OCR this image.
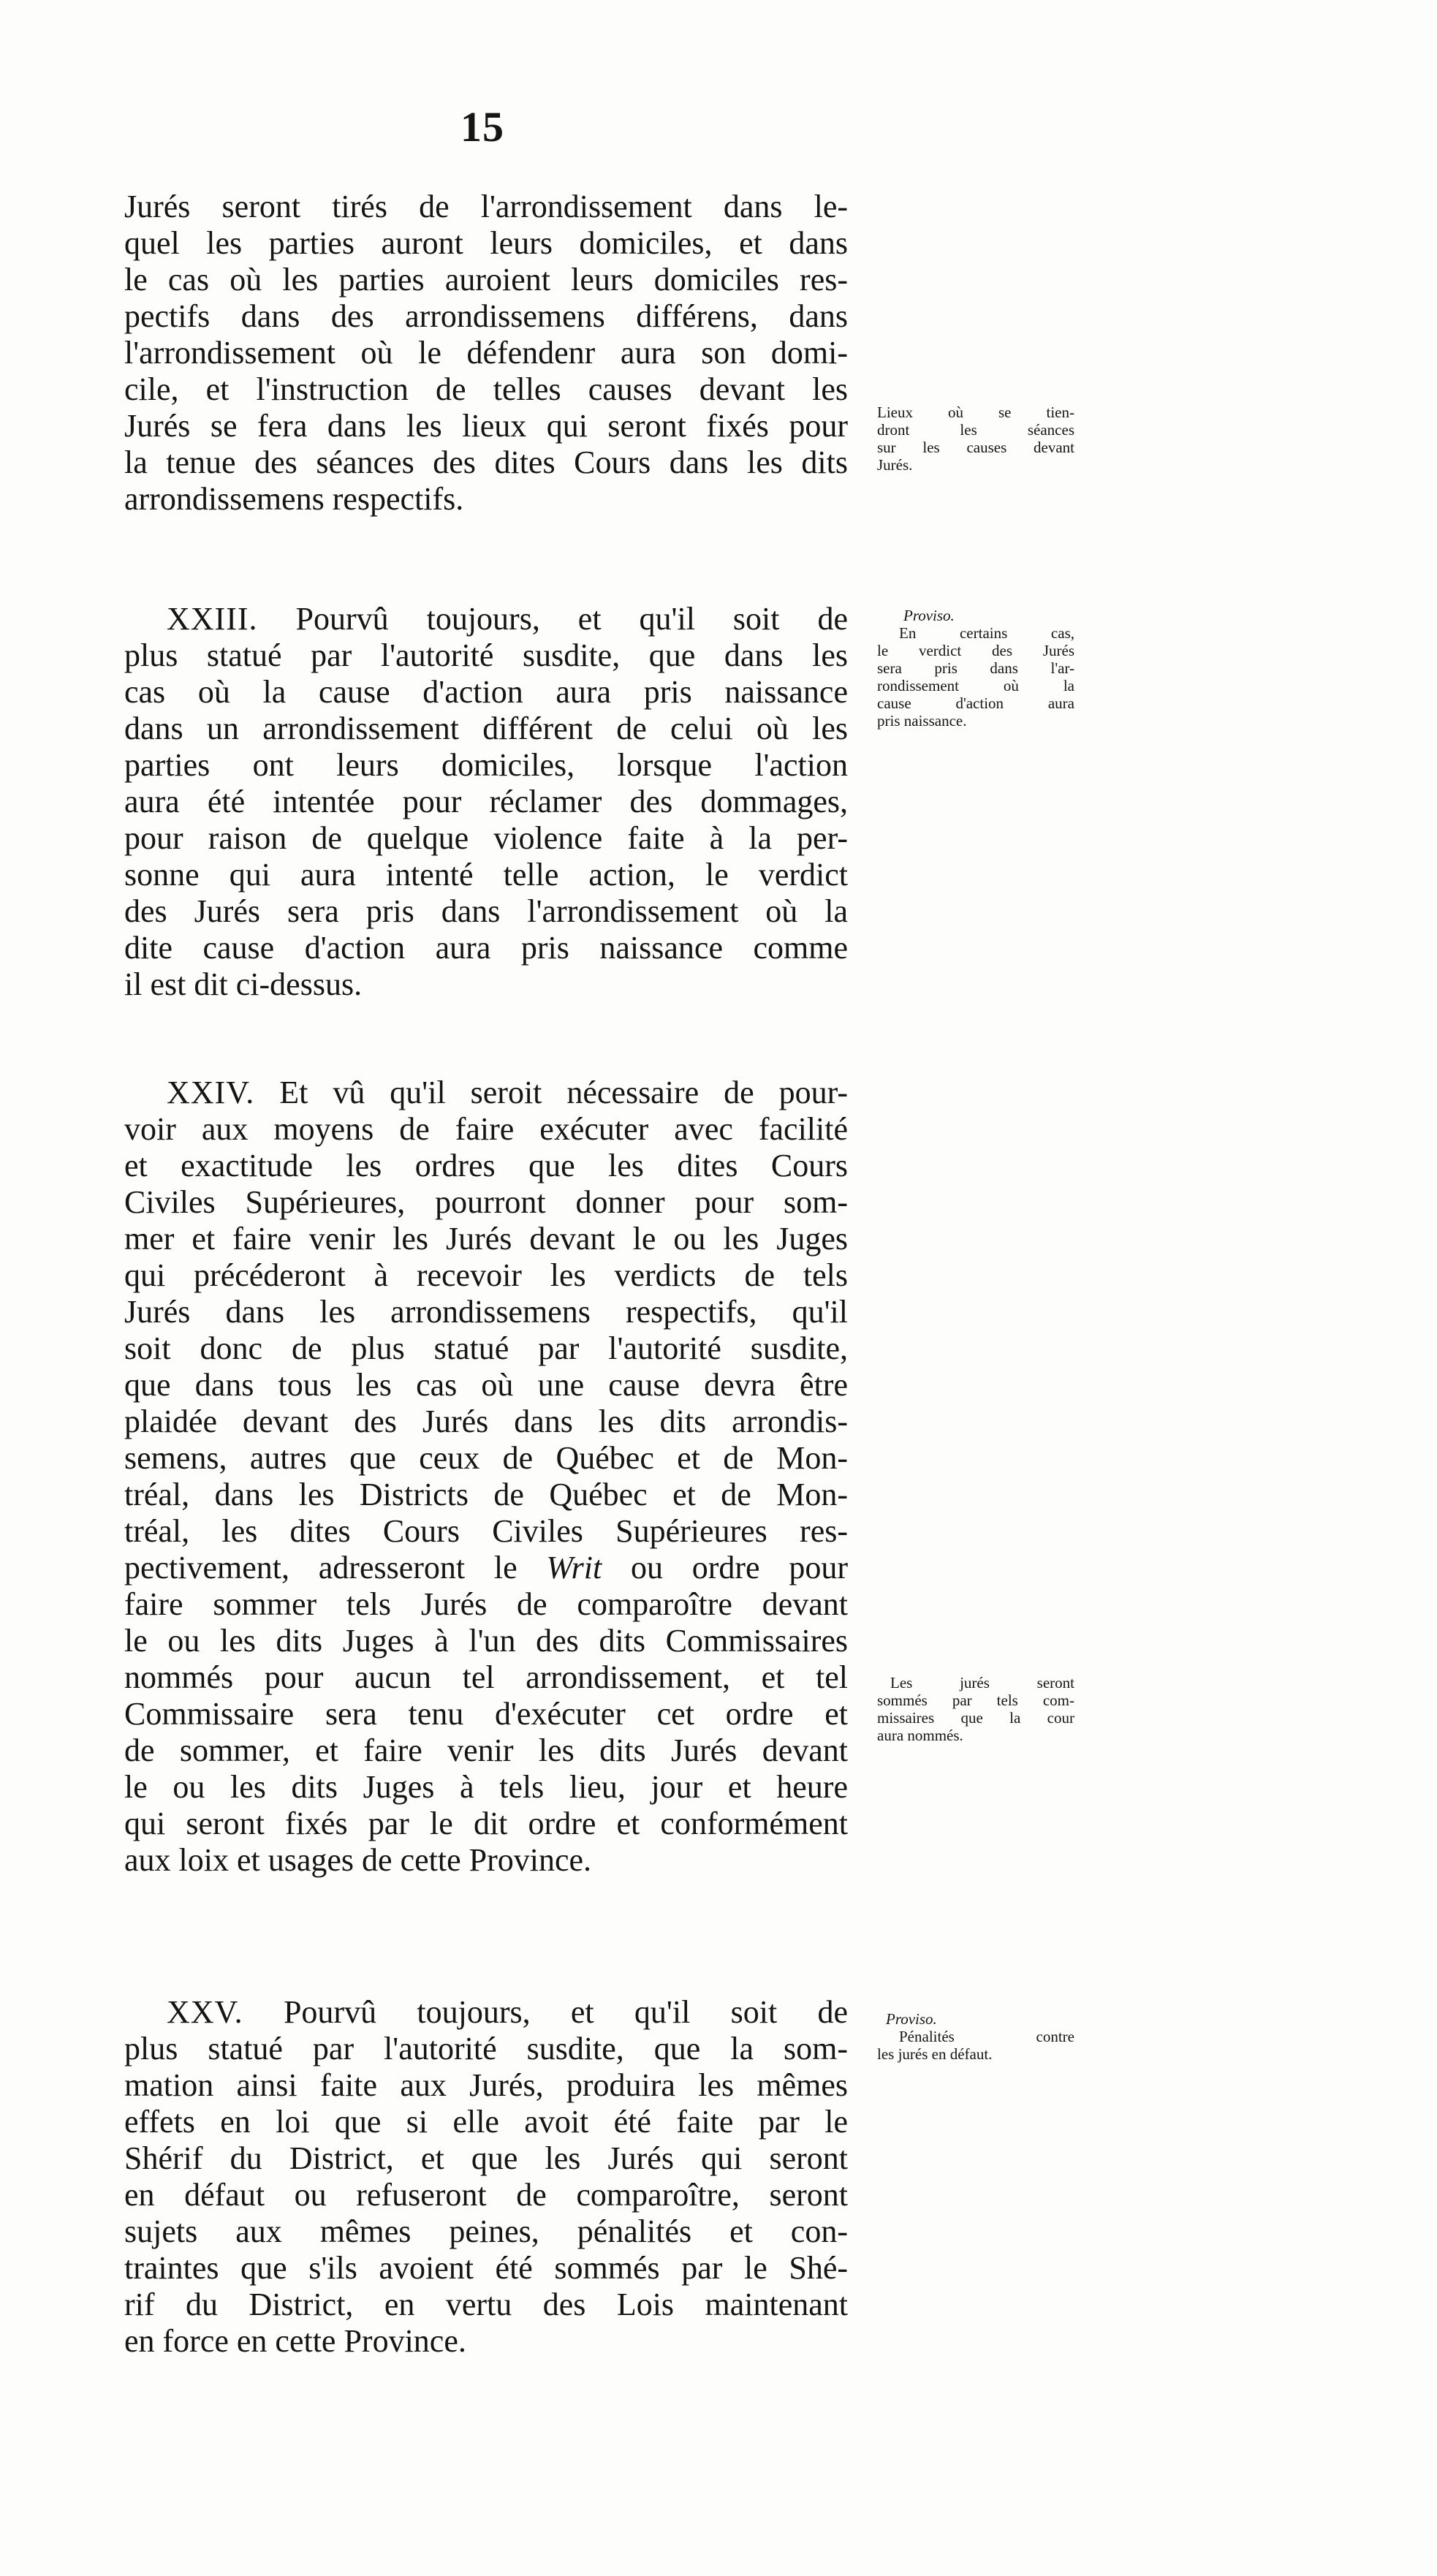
15

Jurés seront tirés de l'arrondissement dans le-
quel les parties auront leurs domiciles, et dans
le cas où les parties auroient leurs domiciles res-
pectifs dans des arrondissemens différens, dans
l'arrondissement où le défendenr aura son domi-
cile, et l'instruction de telles causes devant les
Jurés se fera dans les lieux qui seront fixés pour
la tenue des séances des dites Cours dans les dits
arrondissemens respectifs.

XXIII. Pourvû toujours, et qu'il soit de
plus statué par l'autorité susdite, que dans les
cas où la cause d'action aura pris naissance
dans un arrondissement différent de celui où les
parties ont leurs domiciles, lorsque l'action
aura été intentée pour réclamer des dommages,
pour raison de quelque violence faite à la per-
sonne qui aura intenté telle action, le verdict
des Jurés sera pris dans l'arrondissement où la
dite cause d'action aura pris naissance comme
il est dit ci-dessus.

XXIV. Et vû qu'il seroit nécessaire de pour-
voir aux moyens de faire exécuter avec facilité
et exactitude les ordres que les dites Cours
Civiles Supérieures, pourront donner pour som-
mer et faire venir les Jurés devant le ou les Juges
qui précéderont à recevoir les verdicts de tels
Jurés dans les arrondissemens respectifs, qu'il
soit donc de plus statué par l'autorité susdite,
que dans tous les cas où une cause devra être
plaidée devant des Jurés dans les dits arrondis-
semens, autres que ceux de Québec et de Mon-
tréal, dans les Districts de Québec et de Mon-
tréal, les dites Cours Civiles Supérieures res-
pectivement, adresseront le Writ ou ordre pour
faire sommer tels Jurés de comparoître devant
le ou les dits Juges à l'un des dits Commissaires
nommés pour aucun tel arrondissement, et tel
Commissaire sera tenu d'exécuter cet ordre et
de sommer, et faire venir les dits Jurés devant
le ou les dits Juges à tels lieu, jour et heure
qui seront fixés par le dit ordre et conformément
aux loix et usages de cette Province.

XXV. Pourvû toujours, et qu'il soit de
plus statué par l'autorité susdite, que la som-
mation ainsi faite aux Jurés, produira les mêmes
effets en loi que si elle avoit été faite par le
Shérif du District, et que les Jurés qui seront
en défaut ou refuseront de comparoître, seront
sujets aux mêmes peines, pénalités et con-
traintes que s'ils avoient été sommés par le Shé-
rif du District, en vertu des Lois maintenant
en force en cette Province.

Lieux où se tien-
dront les séances
sur les causes devant
Jurés.
Proviso.
En certains cas,
le verdict des Jurés
sera pris dans l'ar-
rondissement où la
cause d'action aura
pris naissance.
Les jurés seront
sommés par tels com-
missaires que la cour
aura nommés.
Proviso.
Pénalités contre
les jurés en défaut.
